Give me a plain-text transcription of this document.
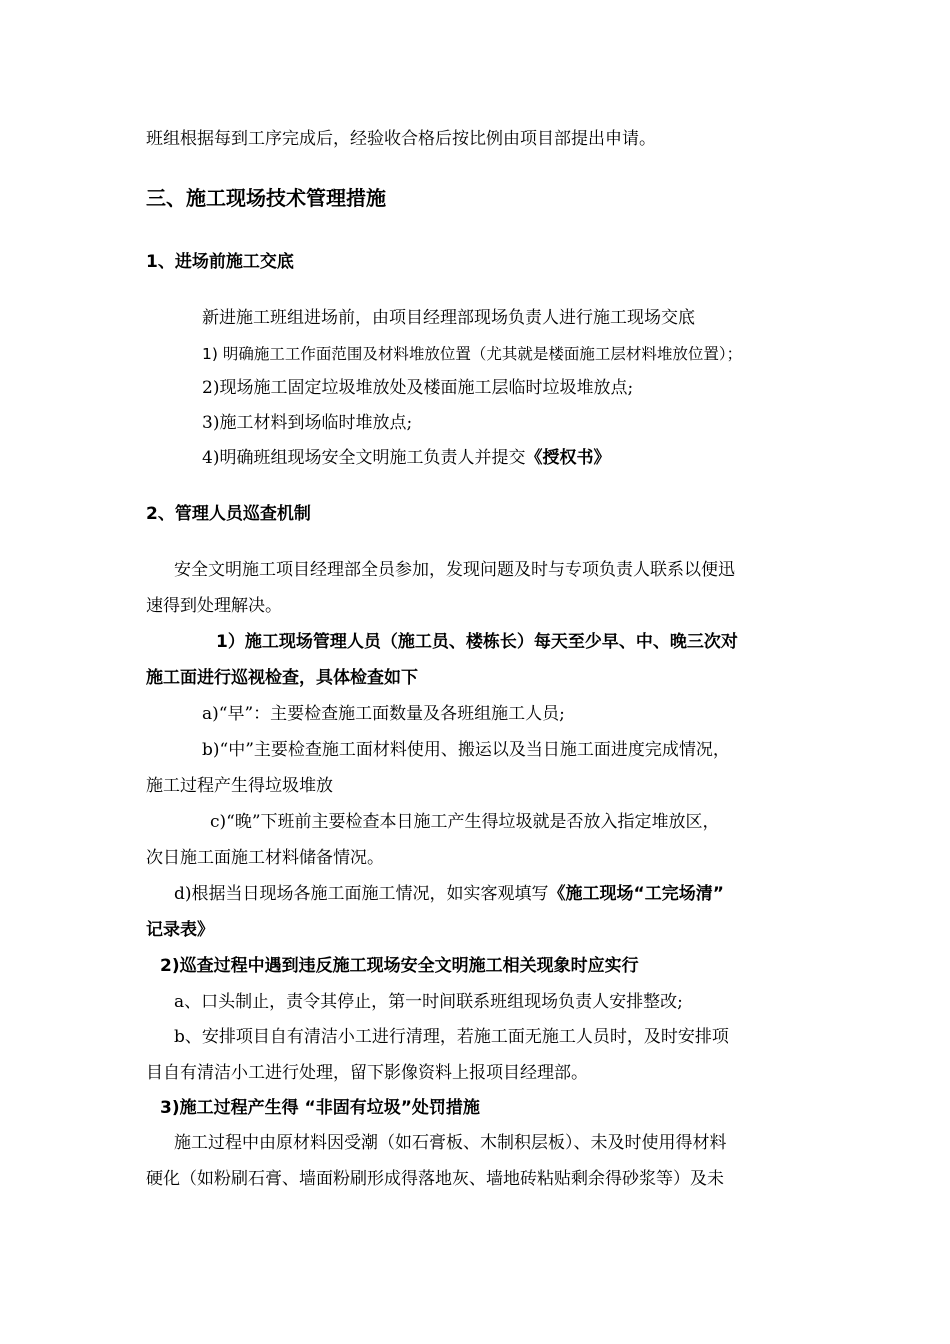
班组根据每到工序完成后，经验收合格后按比例由项目部提出申请。
三、施工现场技术管理措施
1、进场前施工交底
新进施工班组进场前，由项目经理部现场负责人进行施工现场交底
1) 明确施工工作面范围及材料堆放位置（尤其就是楼面施工层材料堆放位置）；
2)现场施工固定垃圾堆放处及楼面施工层临时垃圾堆放点;
3)施工材料到场临时堆放点;
4)明确班组现场安全文明施工负责人并提交《授权书》
2、管理人员巡查机制
安全文明施工项目经理部全员参加，发现问题及时与专项负责人联系以便迅
速得到处理解决。
1）施工现场管理人员（施工员、楼栋长）每天至少早、中、晚三次对
施工面进行巡视检查，具体检查如下
a)“早”：主要检查施工面数量及各班组施工人员;
b)“中”主要检查施工面材料使用、搬运以及当日施工面进度完成情况，
施工过程产生得垃圾堆放
c)“晚”下班前主要检查本日施工产生得垃圾就是否放入指定堆放区，
次日施工面施工材料储备情况。
d)根据当日现场各施工面施工情况，如实客观填写《施工现场“工完场清”
记录表》
2)巡查过程中遇到违反施工现场安全文明施工相关现象时应实行
a、口头制止，责令其停止，第一时间联系班组现场负责人安排整改;
b、安排项目自有清洁小工进行清理，若施工面无施工人员时，及时安排项
目自有清洁小工进行处理，留下影像资料上报项目经理部。
3)施工过程产生得 “非固有垃圾”处罚措施
施工过程中由原材料因受潮（如石膏板、木制积层板）、未及时使用得材料
硬化（如粉刷石膏、墙面粉刷形成得落地灰、墙地砖粘贴剩余得砂浆等）及未
